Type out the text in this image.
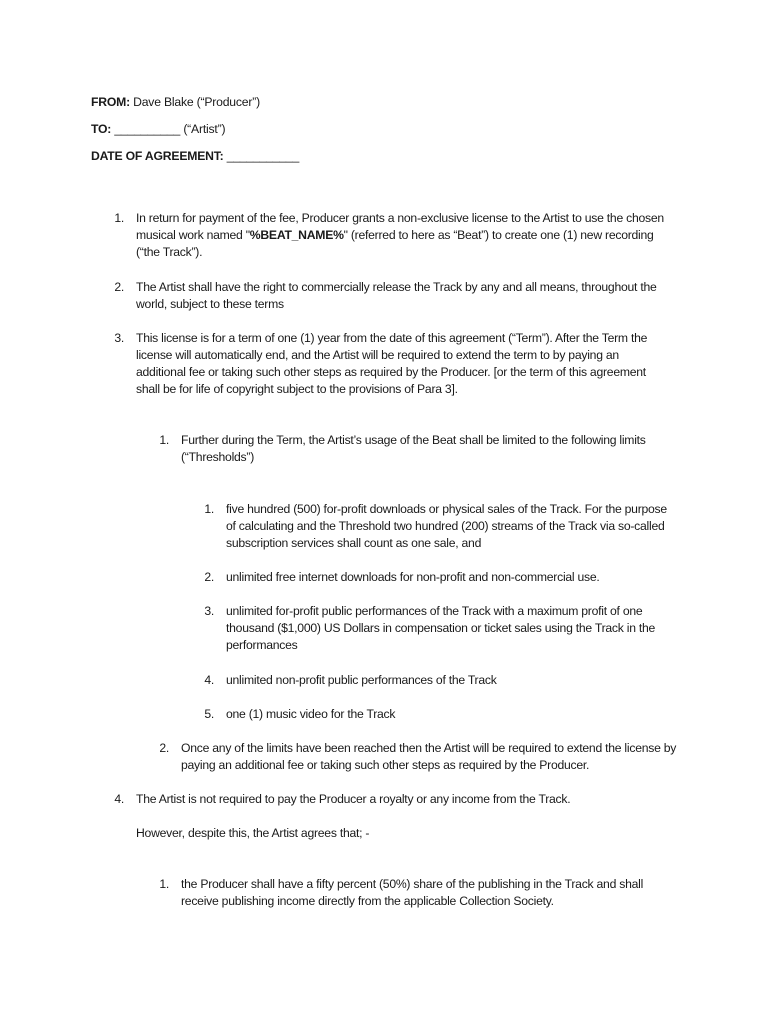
FROM: Dave Blake (“Producer”)
TO: __________ (“Artist”)
DATE OF AGREEMENT: ___________
1. In return for payment of the fee, Producer grants a non-exclusive license to the Artist to use the chosen musical work named "%BEAT_NAME%" (referred to here as “Beat”) to create one (1) new recording (“the Track”).
2. The Artist shall have the right to commercially release the Track by any and all means, throughout the world, subject to these terms
3. This license is for a term of one (1) year from the date of this agreement (“Term”). After the Term the license will automatically end, and the Artist will be required to extend the term to by paying an additional fee or taking such other steps as required by the Producer. [or the term of this agreement shall be for life of copyright subject to the provisions of Para 3].
1. Further during the Term, the Artist’s usage of the Beat shall be limited to the following limits (“Thresholds”)
1. five hundred (500) for-profit downloads or physical sales of the Track. For the purpose of calculating and the Threshold two hundred (200) streams of the Track via so-called subscription services shall count as one sale, and
2. unlimited free internet downloads for non-profit and non-commercial use.
3. unlimited for-profit public performances of the Track with a maximum profit of one thousand ($1,000) US Dollars in compensation or ticket sales using the Track in the performances
4. unlimited non-profit public performances of the Track
5. one (1) music video for the Track
2. Once any of the limits have been reached then the Artist will be required to extend the license by paying an additional fee or taking such other steps as required by the Producer.
4. The Artist is not required to pay the Producer a royalty or any income from the Track.
However, despite this, the Artist agrees that; -
1. the Producer shall have a fifty percent (50%) share of the publishing in the Track and shall receive publishing income directly from the applicable Collection Society.
